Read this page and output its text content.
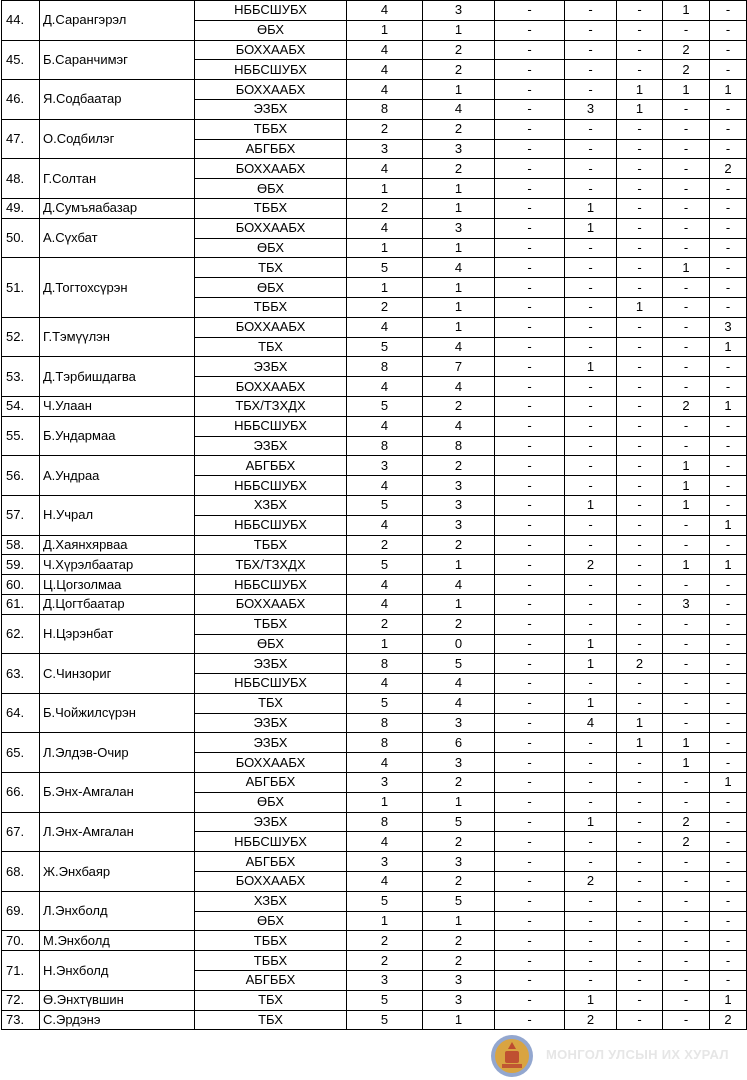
44.	Д.Сарангэрэл	НББСШУБХ	4	3	-	-	-	1	-
		ӨБХ	1	1	-	-	-	-	-
45.	Б.Саранчимэг	БОХХААБХ	4	2	-	-	-	2	-
		НББСШУБХ	4	2	-	-	-	2	-
46.	Я.Содбаатар	БОХХААБХ	4	1	-	-	1	1	1
		ЭЗБХ	8	4	-	3	1	-	-
47.	О.Содбилэг	ТББХ	2	2	-	-	-	-	-
		АБГББХ	3	3	-	-	-	-	-
48.	Г.Солтан	БОХХААБХ	4	2	-	-	-	-	2
		ӨБХ	1	1	-	-	-	-	-
49.	Д.Сумъяабазар	ТББХ	2	1	-	1	-	-	-
50.	А.Сүхбат	БОХХААБХ	4	3	-	1	-	-	-
		ӨБХ	1	1	-	-	-	-	-
51.	Д.Тогтохсүрэн	ТБХ	5	4	-	-	-	1	-
		ӨБХ	1	1	-	-	-	-	-
		ТББХ	2	1	-	-	1	-	-
52.	Г.Тэмүүлэн	БОХХААБХ	4	1	-	-	-	-	3
		ТБХ	5	4	-	-	-	-	1
53.	Д.Тэрбишдагва	ЭЗБХ	8	7	-	1	-	-	-
		БОХХААБХ	4	4	-	-	-	-	-
54.	Ч.Улаан	ТБХ/ТЗХДХ	5	2	-	-	-	2	1
55.	Б.Ундармаа	НББСШУБХ	4	4	-	-	-	-	-
		ЭЗБХ	8	8	-	-	-	-	-
56.	А.Ундраа	АБГББХ	3	2	-	-	-	1	-
		НББСШУБХ	4	3	-	-	-	1	-
57.	Н.Учрал	ХЗБХ	5	3	-	1	-	1	-
		НББСШУБХ	4	3	-	-	-	-	1
58.	Д.Хаянхярваа	ТББХ	2	2	-	-	-	-	-
59.	Ч.Хүрэлбаатар	ТБХ/ТЗХДХ	5	1	-	2	-	1	1
60.	Ц.Цогзолмаа	НББСШУБХ	4	4	-	-	-	-	-
61.	Д.Цогтбаатар	БОХХААБХ	4	1	-	-	-	3	-
62.	Н.Цэрэнбат	ТББХ	2	2	-	-	-	-	-
		ӨБХ	1	0	-	1	-	-	-
63.	С.Чинзориг	ЭЗБХ	8	5	-	1	2	-	-
		НББСШУБХ	4	4	-	-	-	-	-
64.	Б.Чойжилсүрэн	ТБХ	5	4	-	1	-	-	-
		ЭЗБХ	8	3	-	4	1	-	-
65.	Л.Элдэв-Очир	ЭЗБХ	8	6	-	-	1	1	-
		БОХХААБХ	4	3	-	-	-	1	-
66.	Б.Энх-Амгалан	АБГББХ	3	2	-	-	-	-	1
		ӨБХ	1	1	-	-	-	-	-
67.	Л.Энх-Амгалан	ЭЗБХ	8	5	-	1	-	2	-
		НББСШУБХ	4	2	-	-	-	2	-
68.	Ж.Энхбаяр	АБГББХ	3	3	-	-	-	-	-
		БОХХААБХ	4	2	-	2	-	-	-
69.	Л.Энхболд	ХЗБХ	5	5	-	-	-	-	-
		ӨБХ	1	1	-	-	-	-	-
70.	М.Энхболд	ТББХ	2	2	-	-	-	-	-
71.	Н.Энхболд	ТББХ	2	2	-	-	-	-	-
		АБГББХ	3	3	-	-	-	-	-
72.	Ө.Энхтүвшин	ТБХ	5	3	-	1	-	-	1
73.	С.Эрдэнэ	ТБХ	5	1	-	2	-	-	2
МОНГОЛ УЛСЫН ИХ ХУРАЛ
